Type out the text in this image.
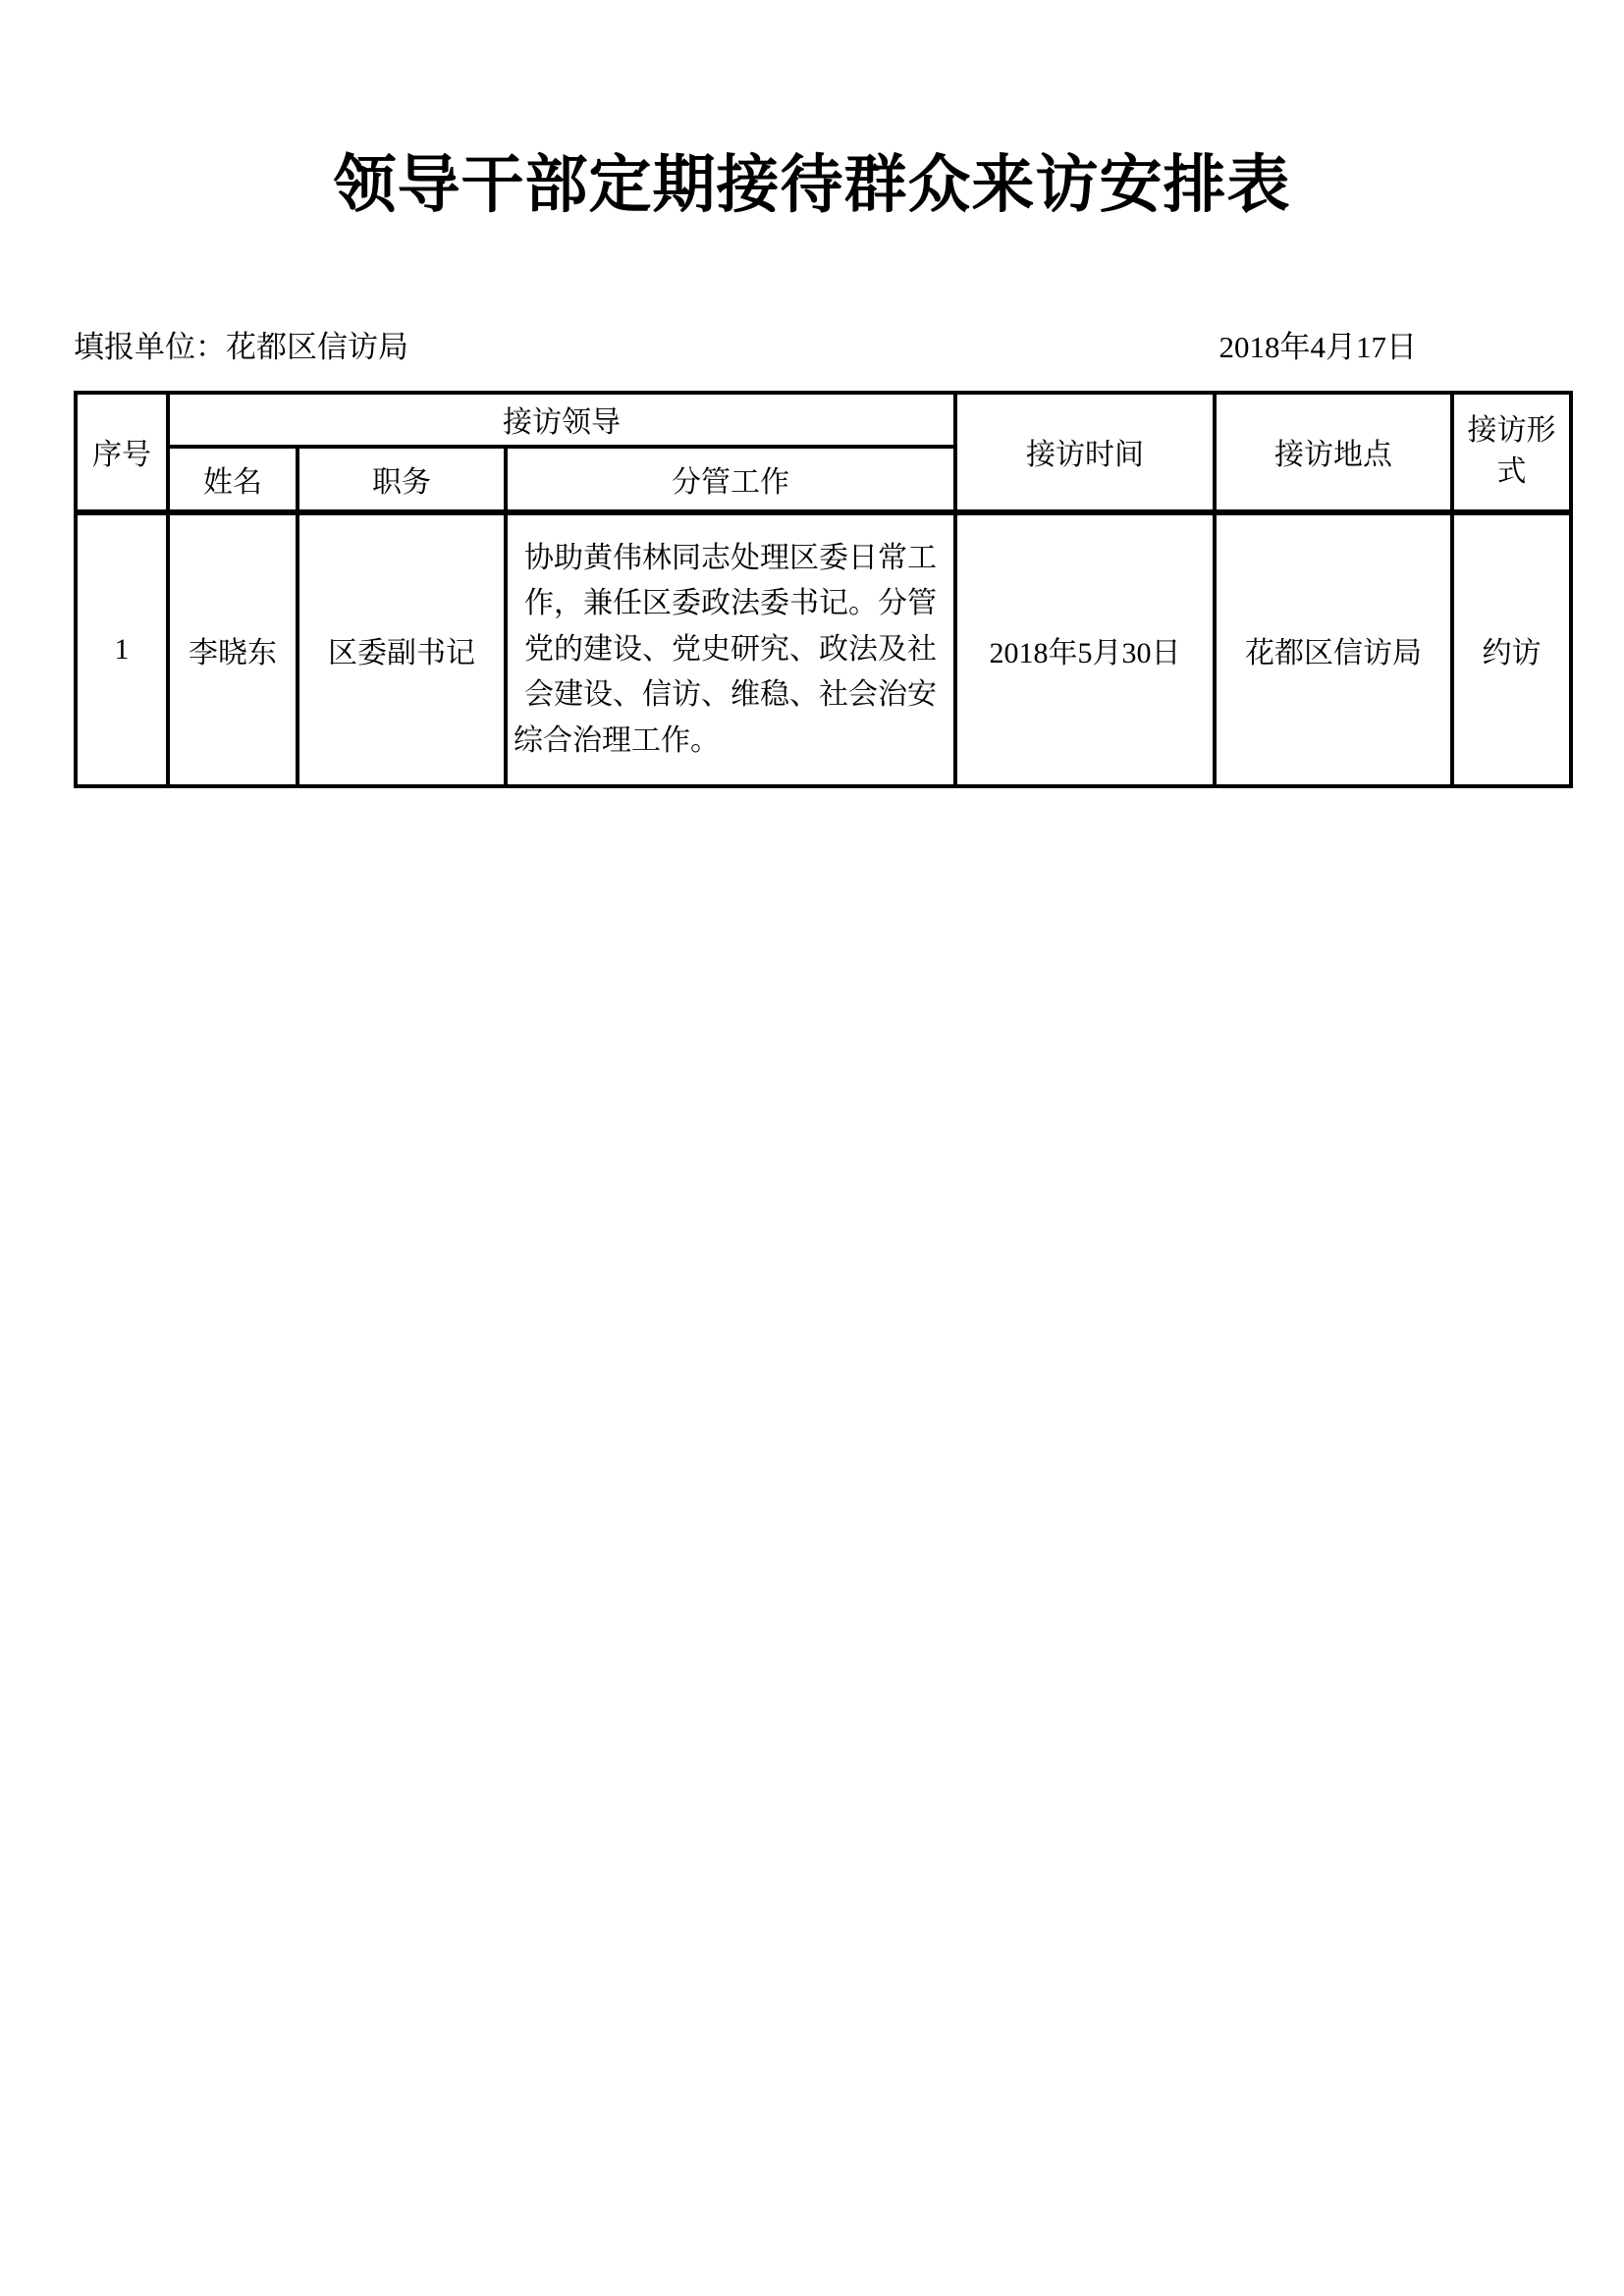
领导干部定期接待群众来访安排表
填报单位：花都区信访局	2018年4月17日
序号	接访领导			接访时间	接访地点	接访形式
	姓名	职务	分管工作			
1	李晓东	区委副书记	协助黄伟林同志处理区委日常工作，兼任区委政法委书记。分管党的建设、党史研究、政法及社会建设、信访、维稳、社会治安综合治理工作。	2018年5月30日	花都区信访局	约访
